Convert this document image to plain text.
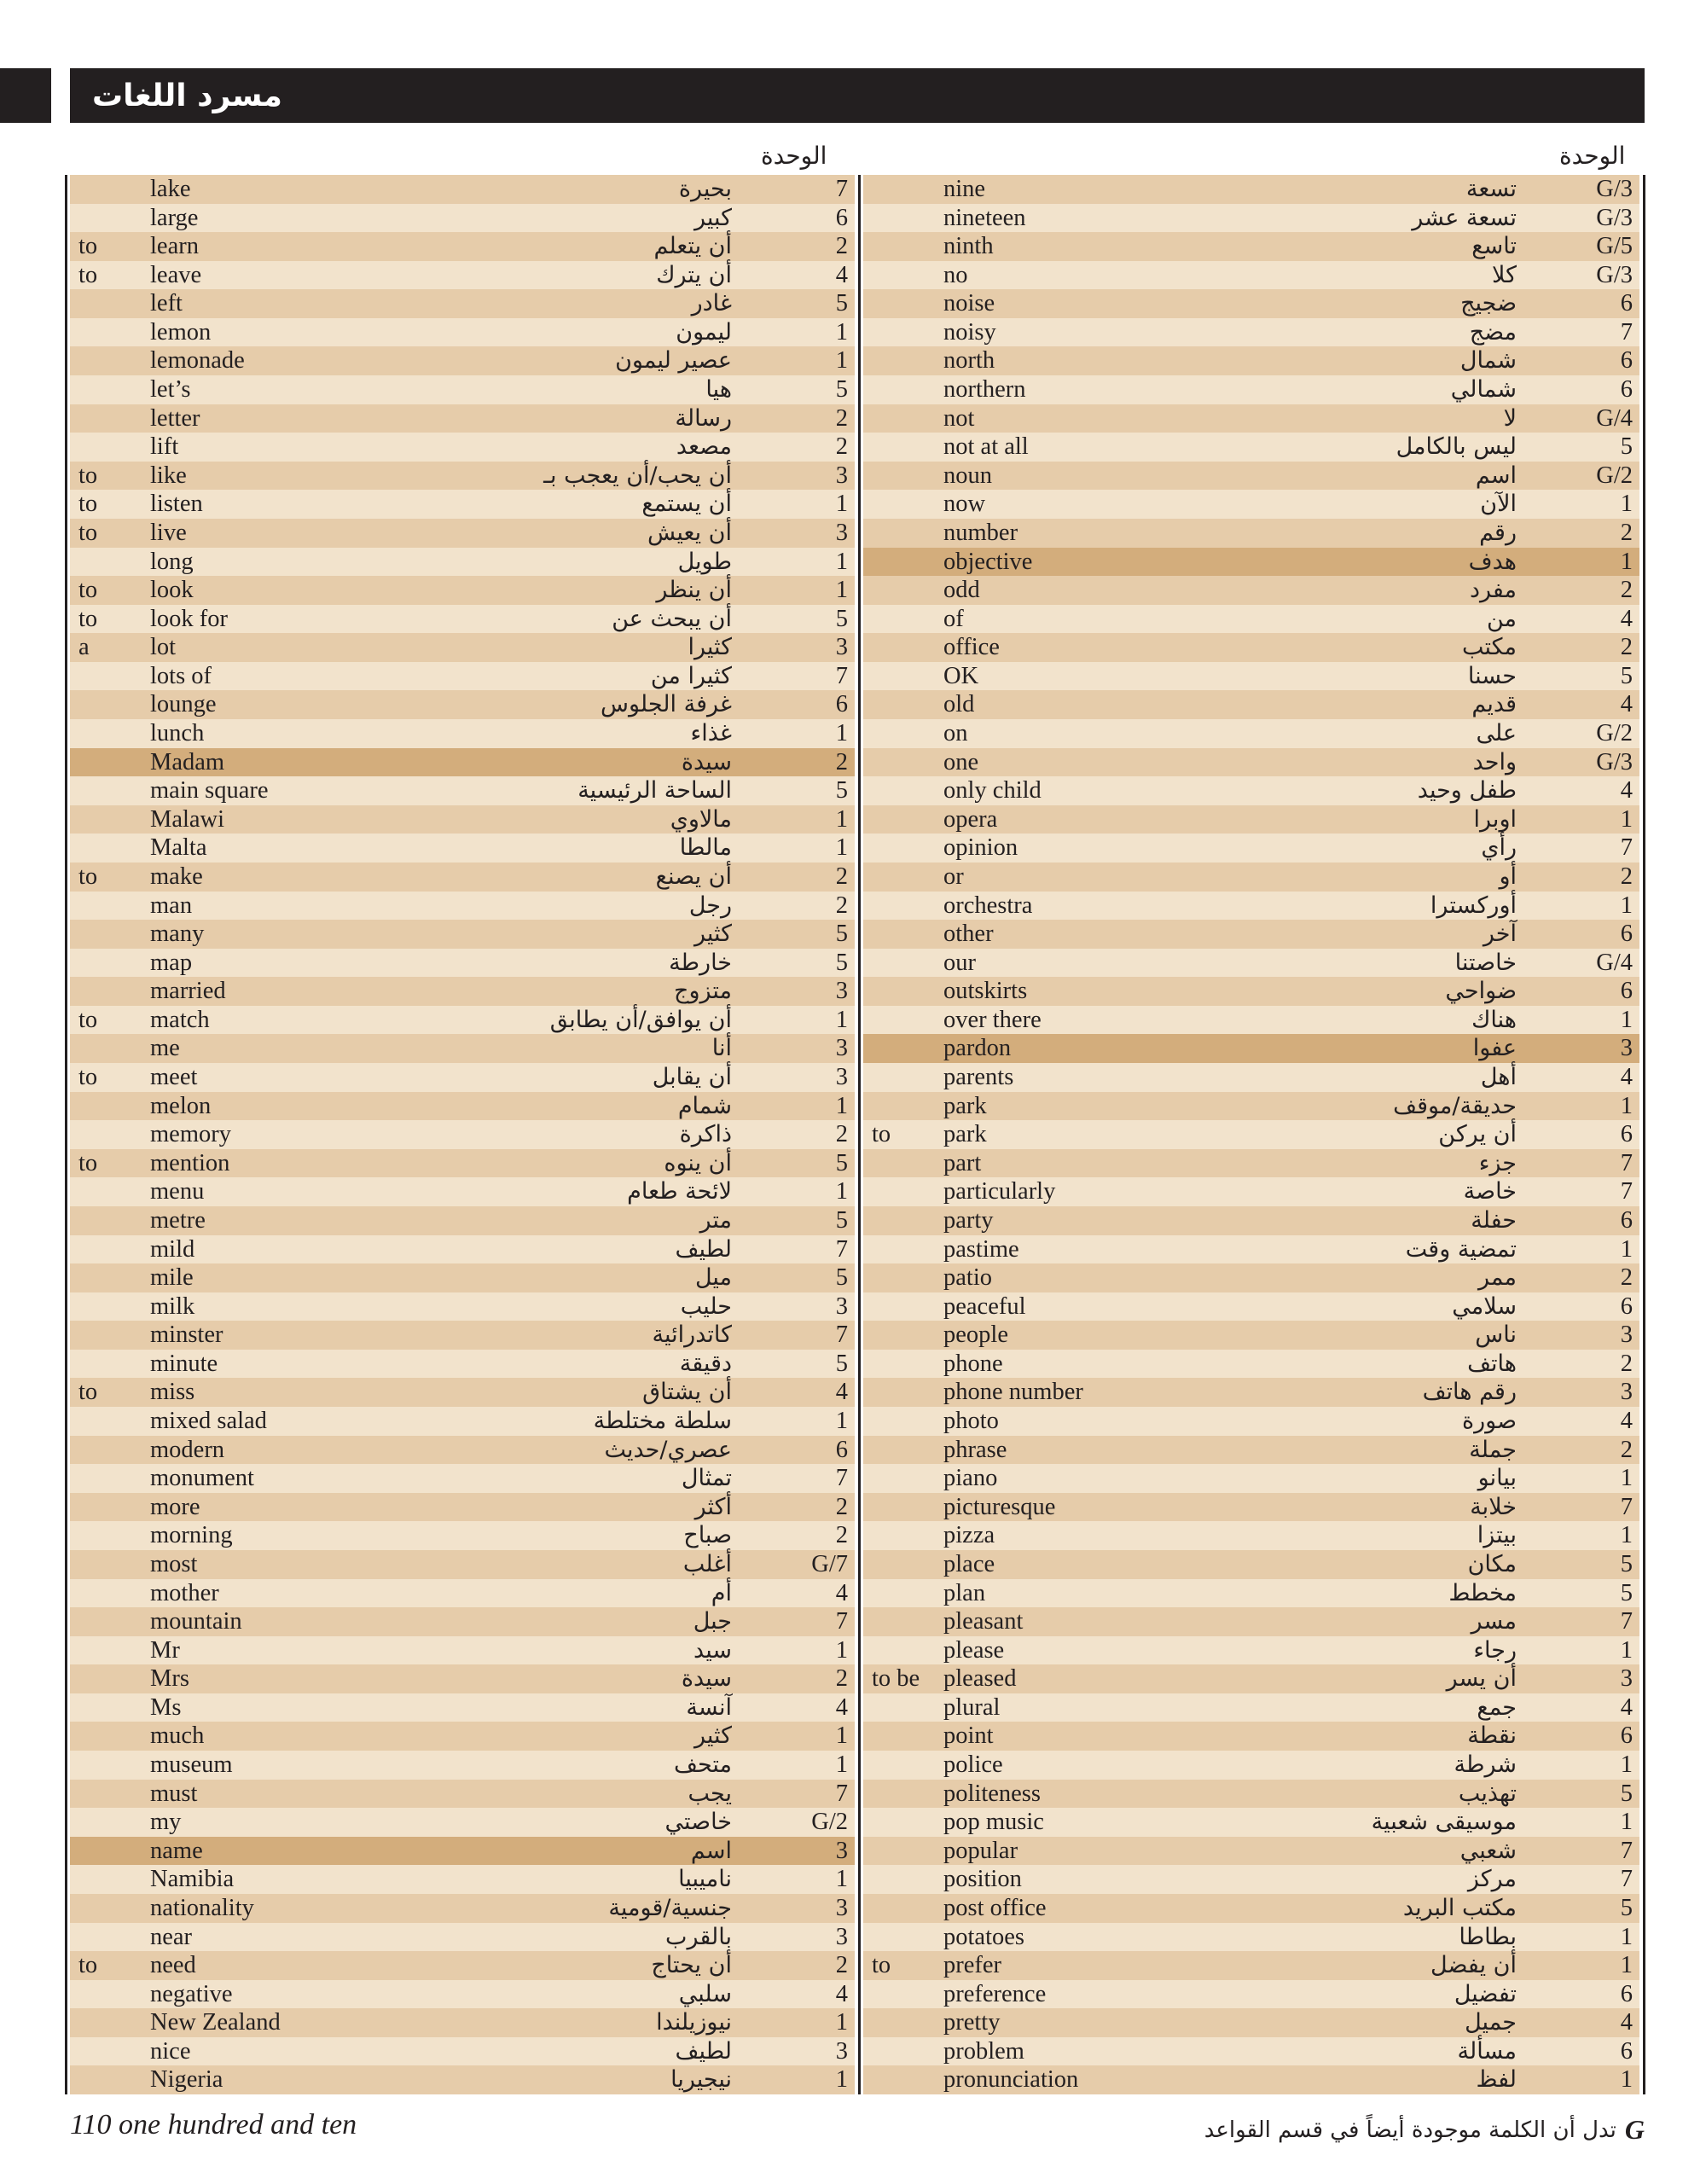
مسرد اللغات
الوحدة	الوحدة
lake	بحيرة	7
large	كبير	6
to learn	أن يتعلم	2
to leave	أن يترك	4
left	غادر	5
lemon	ليمون	1
lemonade	عصير ليمون	1
let’s	هيا	5
letter	رسالة	2
lift	مصعد	2
to like	أن يحب/أن يعجب بـ	3
to listen	أن يستمع	1
to live	أن يعيش	3
long	طويل	1
to look	أن ينظر	1
to look for	أن يبحث عن	5
a	lot	كثيرا	3
lots of	كثيرا من	7
lounge	غرفة الجلوس	6
lunch	غذاء	1
Madam	سيدة	2
main square	الساحة الرئيسية	5
Malawi	مالاوي	1
Malta	مالطا	1
to make	أن يصنع	2
man	رجل	2
many	كثير	5
map	خارطة	5
married	متزوج	3
to match	أن يوافق/أن يطابق	1
me	أنا	3
to meet	أن يقابل	3
melon	شمام	1
memory	ذاكرة	2
to mention	أن ينوه	5
menu	لائحة طعام	1
metre	متر	5
mild	لطيف	7
mile	ميل	5
milk	حليب	3
minster	كاتدرائية	7
minute	دقيقة	5
to miss	أن يشتاق	4
mixed salad	سلطة مختلطة	1
modern	عصري/حديث	6
monument	تمثال	7
more	أكثر	2
morning	صباح	2
most	أغلب	G/7
mother	أم	4
mountain	جبل	7
Mr	سيد	1
Mrs	سيدة	2
Ms	آنسة	4
much	كثير	1
museum	متحف	1
must	يجب	7
my	خاصتي	G/2
name	اسم	3
Namibia	ناميبيا	1
nationality	جنسية/قومية	3
near	بالقرب	3
to need	أن يحتاج	2
negative	سلبي	4
New Zealand	نيوزيلندا	1
nice	لطيف	3
Nigeria	نيجيريا	1
nine	تسعة	G/3
nineteen	تسعة عشر	G/3
ninth	تاسع	G/5
no	كلا	G/3
noise	ضجيج	6
noisy	مضج	7
north	شمال	6
northern	شمالي	6
not	لا	G/4
not at all	ليس بالكامل	5
noun	اسم	G/2
now	الآن	1
number	رقم	2
objective	هدف	1
odd	مفرد	2
of	من	4
office	مكتب	2
OK	حسنا	5
old	قديم	4
on	على	G/2
one	واحد	G/3
only child	طفل وحيد	4
opera	اوبرا	1
opinion	رأي	7
or	أو	2
orchestra	أوركسترا	1
other	آخر	6
our	خاصتنا	G/4
outskirts	ضواحي	6
over there	هناك	1
pardon	عفوا	3
parents	أهل	4
park	حديقة/موقف	1
to park	أن يركن	6
part	جزء	7
particularly	خاصة	7
party	حفلة	6
pastime	تمضية وقت	1
patio	ممر	2
peaceful	سلامي	6
people	ناس	3
phone	هاتف	2
phone number	رقم هاتف	3
photo	صورة	4
phrase	جملة	2
piano	بيانو	1
picturesque	خلابة	7
pizza	بيتزا	1
place	مكان	5
plan	مخطط	5
pleasant	مسر	7
please	رجاء	1
to be pleased	أن يسر	3
plural	جمع	4
point	نقطة	6
police	شرطة	1
politeness	تهذيب	5
pop music	موسيقى شعبية	1
popular	شعبي	7
position	مركز	7
post office	مكتب البريد	5
potatoes	بطاطا	1
to prefer	أن يفضل	1
preference	تفضيل	6
pretty	جميل	4
problem	مسألة	6
pronunciation	لفظ	1
110 one hundred and ten	تدل أن الكلمة موجودة أيضاً في قسم القواعد G
